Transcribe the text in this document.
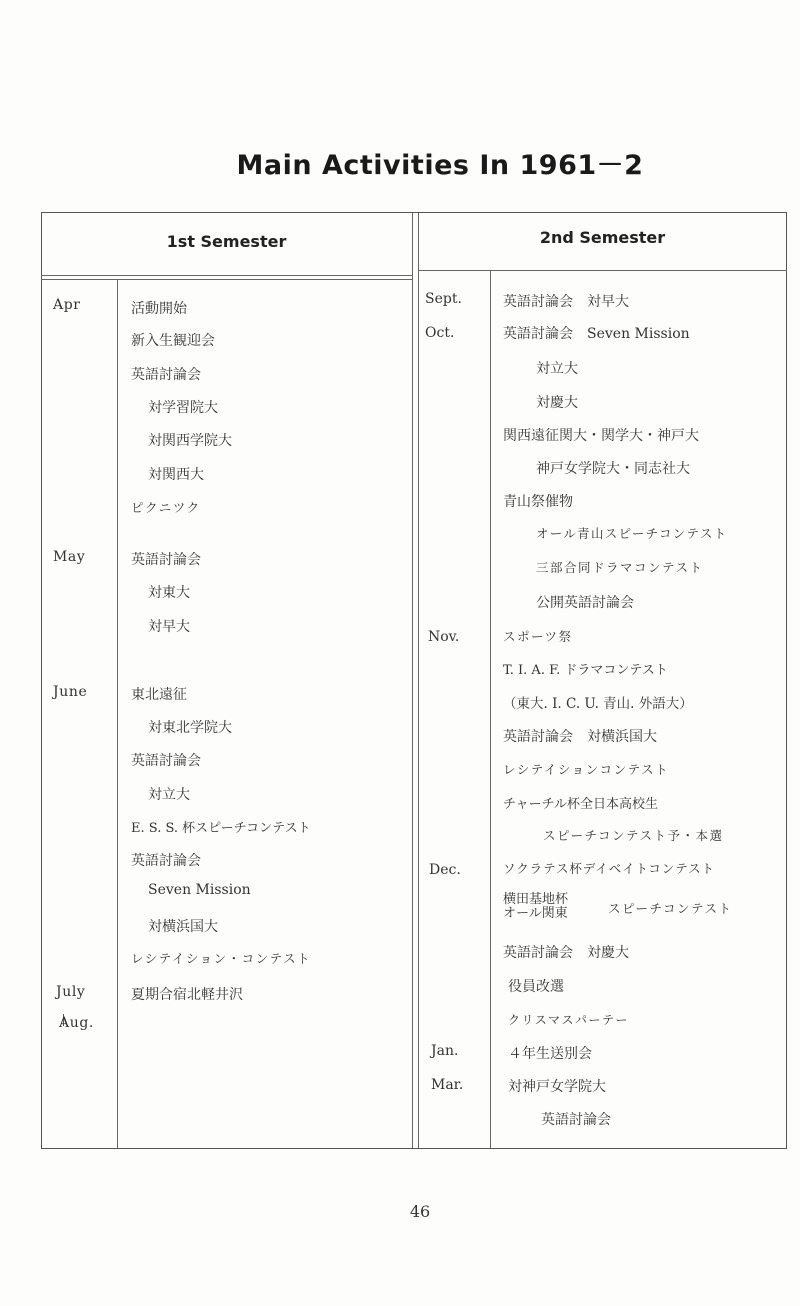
Main Activities In 1961－2
1st Semester	2nd Semester
Apr
May
June
July
Aug.
活動開始
新入生観迎会
英語討論会
対学習院大
対関西学院大
対関西大
ピクニツク
英語討論会
対東大
対早大
東北遠征
対東北学院大
英語討論会
対立大
E. S. S. 杯スピーチコンテスト
英語討論会
Seven Mission
対横浜国大
レシテイション・コンテスト
夏期合宿北軽井沢
Sept.
Oct.
Nov.
Dec.
Jan.
Mar.
英語討論会　対早大
英語討論会　Seven Mission
対立大
対慶大
関西遠征関大・関学大・神戸大
神戸女学院大・同志社大
青山祭催物
オール青山スピーチコンテスト
三部合同ドラマコンテスト
公開英語討論会
スポーツ祭
T. I. A. F. ドラマコンテスト
（東大. I. C. U. 青山. 外語大）
英語討論会　対横浜国大
レシテイションコンテスト
チャーチル杯全日本高校生
スピーチコンテスト予・本選
ソクラテス杯デイベイトコンテスト
横田基地杯
オール関東	スピーチコンテスト
英語討論会　対慶大
役員改選
クリスマスパーテー
４年生送別会
対神戸女学院大
英語討論会
46
